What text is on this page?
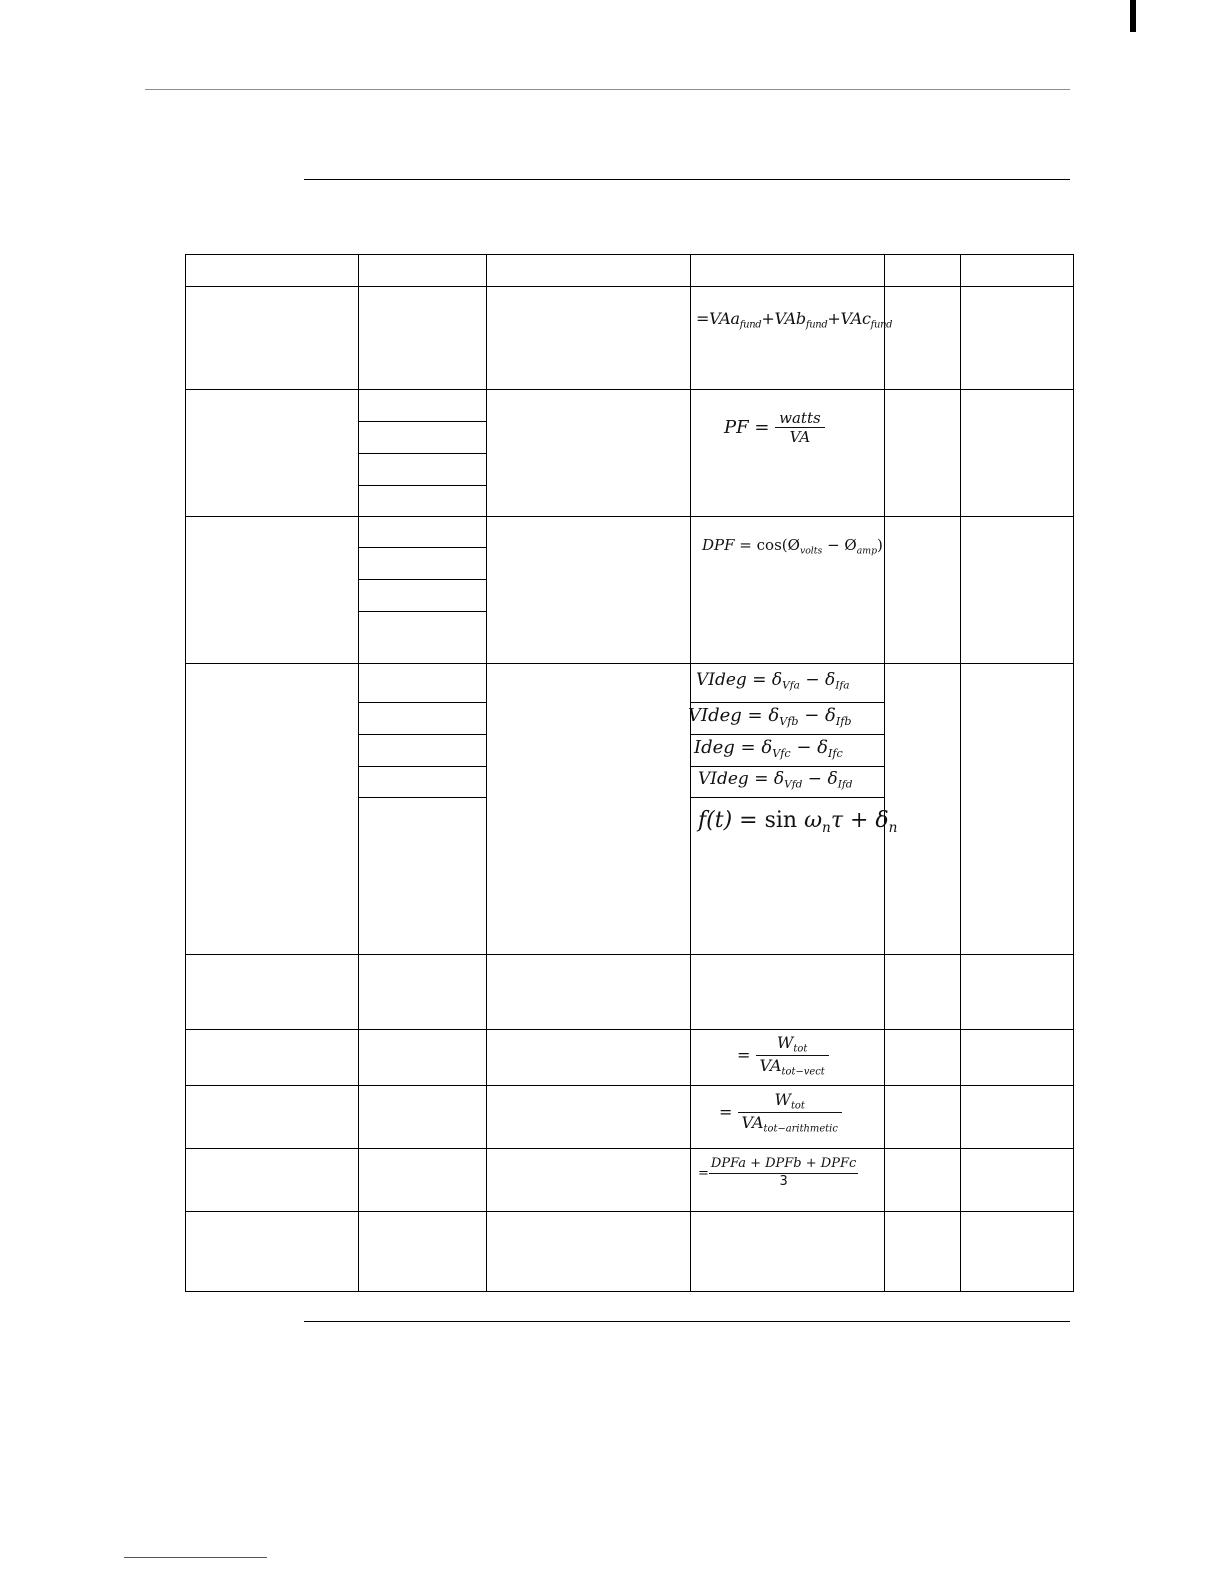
=VAa$_{fund}$+VAb$_{fund}$+VAc$_{fund}$
PF = $\frac{\text{watts}}{VA}$
DPF = $\cos(Ø_{volts}$ − $Ø_{amp}$)
VIdeg = $\delta_{Vfa} - \delta_{Ifa}$
VIdeg = $\delta_{Vfb} - \delta_{Ifb}$
Ideg = $\delta_{Vfc} - \delta_{Ifc}$
VIdeg = $\delta_{Vfd} - \delta_{Ifd}$
$f(t) = \sin \omega_n\tau + \delta_n$
= $\frac{W_{tot}}{VA_{tot-vect}}$
= $\frac{W_{tot}}{VA_{tot-arithmetic}}$
= $\frac{\text{DPFa + DPFb + DPFc}}{3}$
